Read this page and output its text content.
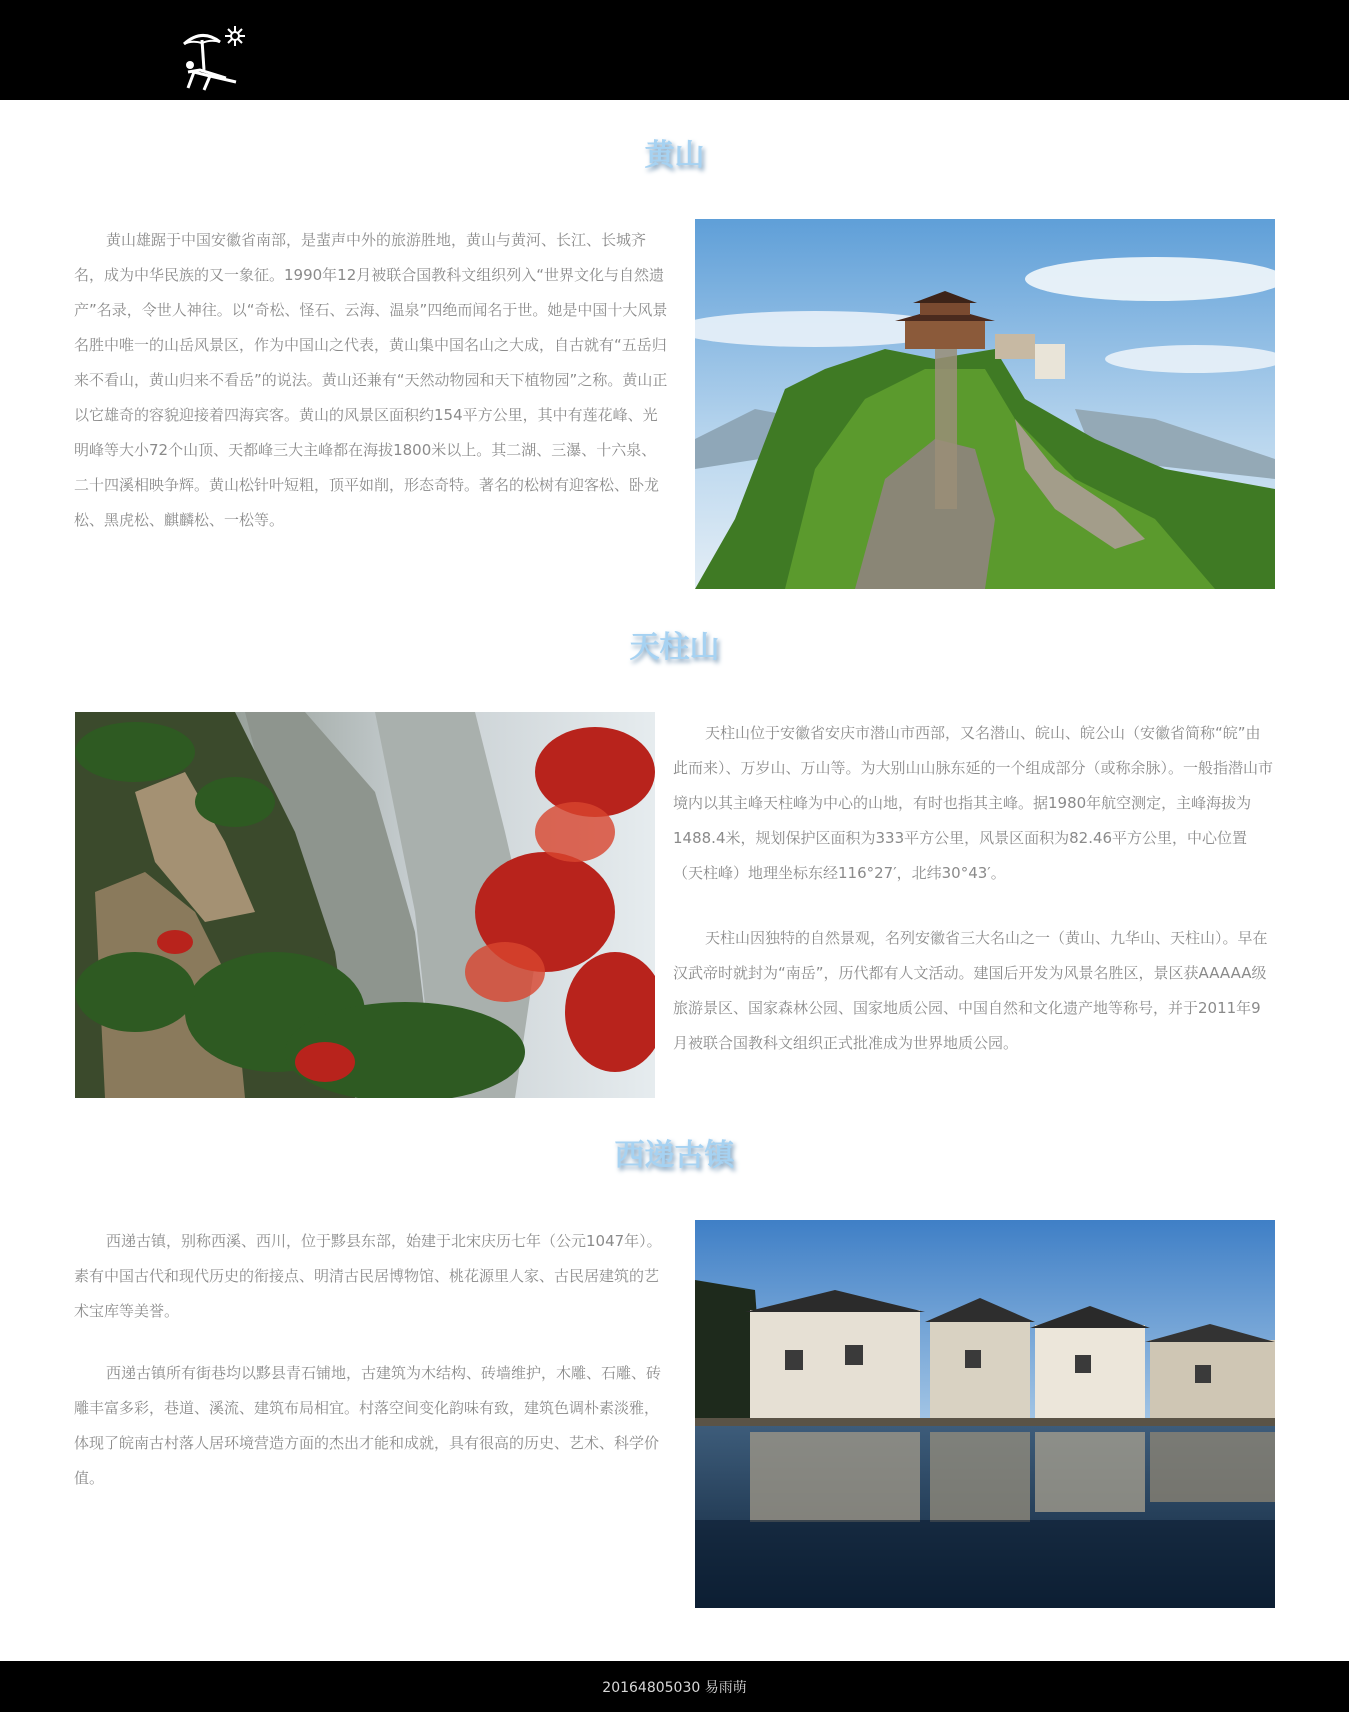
主 页 著名景点 美食佳肴 注册
黄山

黄山雄踞于中国安徽省南部，是蜚声中外的旅游胜地，黄山与黄河、长江、长城齐名，成为中华民族的又一象征。1990年12月被联合国教科文组织列入“世界文化与自然遗产”名录，令世人神往。以“奇松、怪石、云海、温泉”四绝而闻名于世。她是中国十大风景名胜中唯一的山岳风景区，作为中国山之代表，黄山集中国名山之大成，自古就有“五岳归来不看山，黄山归来不看岳”的说法。黄山还兼有“天然动物园和天下植物园”之称。黄山正以它雄奇的容貌迎接着四海宾客。黄山的风景区面积约154平方公里，其中有莲花峰、光明峰等大小72个山顶、天都峰三大主峰都在海拔1800米以上。其二湖、三瀑、十六泉、二十四溪相映争辉。黄山松针叶短粗，顶平如削，形态奇特。著名的松树有迎客松、卧龙松、黑虎松、麒麟松、一松等。

天柱山

天柱山位于安徽省安庆市潜山市西部，又名潜山、皖山、皖公山（安徽省简称“皖”由此而来）、万岁山、万山等。为大别山山脉东延的一个组成部分（或称余脉）。一般指潜山市境内以其主峰天柱峰为中心的山地，有时也指其主峰。据1980年航空测定，主峰海拔为1488.4米，规划保护区面积为333平方公里，风景区面积为82.46平方公里，中心位置（天柱峰）地理坐标东经116°27′，北纬30°43′。

天柱山因独特的自然景观，名列安徽省三大名山之一（黄山、九华山、天柱山）。早在汉武帝时就封为“南岳”，历代都有人文活动。建国后开发为风景名胜区，景区获AAAAA级旅游景区、国家森林公园、国家地质公园、中国自然和文化遗产地等称号，并于2011年9月被联合国教科文组织正式批准成为世界地质公园。

西递古镇

西递古镇，别称西溪、西川，位于黟县东部，始建于北宋庆历七年（公元1047年）。素有中国古代和现代历史的衔接点、明清古民居博物馆、桃花源里人家、古民居建筑的艺术宝库等美誉。

西递古镇所有街巷均以黟县青石铺地，古建筑为木结构、砖墙维护，木雕、石雕、砖雕丰富多彩，巷道、溪流、建筑布局相宜。村落空间变化韵味有致，建筑色调朴素淡雅，体现了皖南古村落人居环境营造方面的杰出才能和成就，具有很高的历史、艺术、科学价值。

20164805030 易雨萌
